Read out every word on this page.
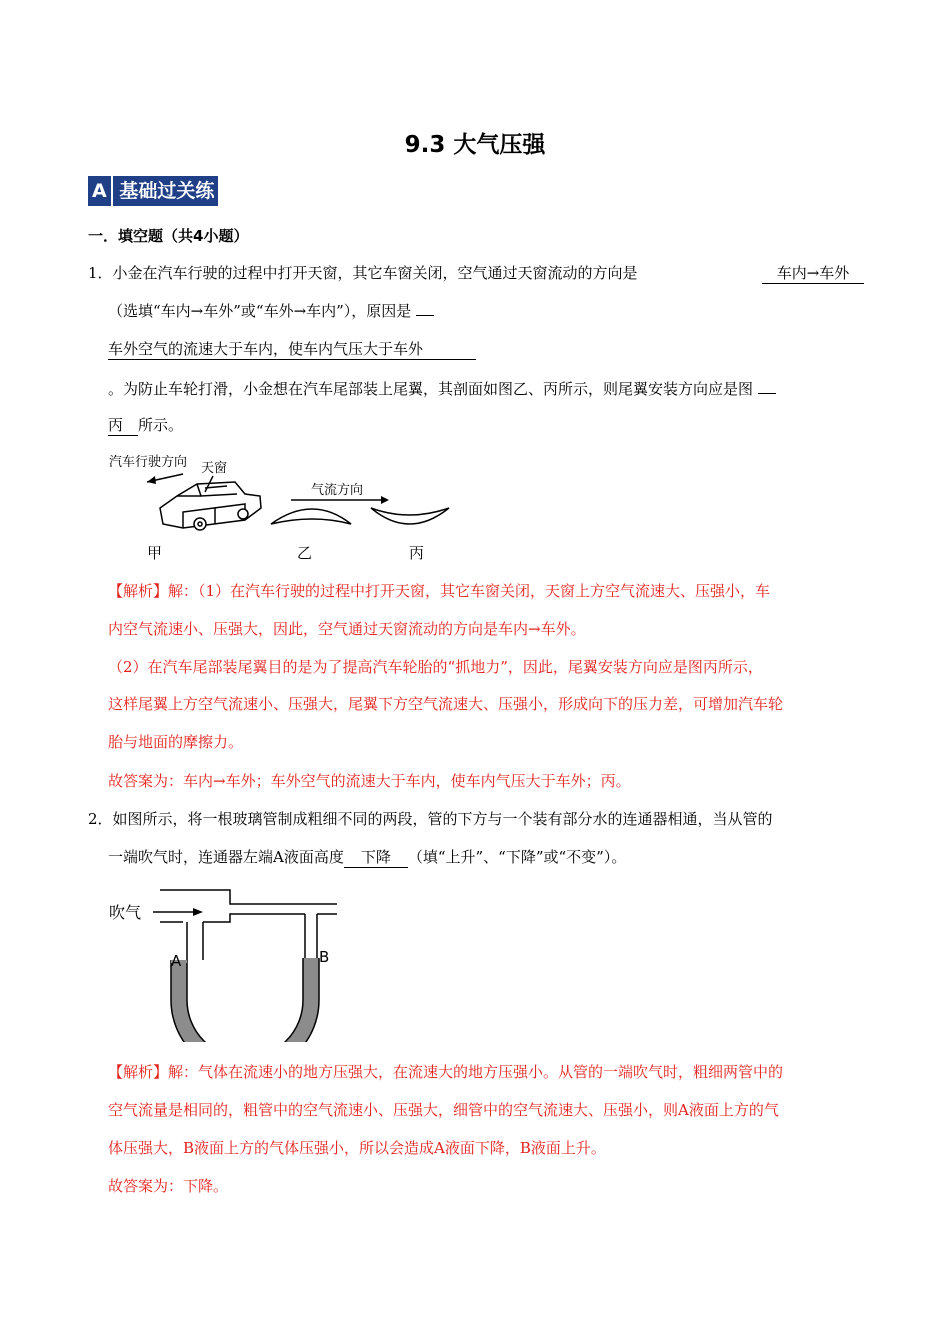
9.3 大气压强
A 基础过关练
一．填空题（共4小题）
1．小金在汽车行驶的过程中打开天窗，其它车窗关闭，空气通过天窗流动的方向是	车内→车外
（选填“车内→车外”或“车外→车内”），原因是
车外空气的流速大于车内，使车内气压大于车外
。为防止车轮打滑，小金想在汽车尾部装上尾翼，其剖面如图乙、丙所示，则尾翼安装方向应是图
丙 所示。
汽车行驶方向 天窗
气流方向
甲	乙	丙
【解析】解：（1）在汽车行驶的过程中打开天窗，其它车窗关闭，天窗上方空气流速大、压强小，车
内空气流速小、压强大，因此，空气通过天窗流动的方向是车内→车外。
（2）在汽车尾部装尾翼目的是为了提高汽车轮胎的“抓地力”，因此，尾翼安装方向应是图丙所示，
这样尾翼上方空气流速小、压强大，尾翼下方空气流速大、压强小，形成向下的压力差，可增加汽车轮
胎与地面的摩擦力。
故答案为：车内→车外；车外空气的流速大于车内，使车内气压大于车外；丙。
2．如图所示，将一根玻璃管制成粗细不同的两段，管的下方与一个装有部分水的连通器相通，当从管的
一端吹气时，连通器左端A液面高度 下降 （填“上升”、“下降”或“不变”）。
吹气
A	B
【解析】解：气体在流速小的地方压强大，在流速大的地方压强小。从管的一端吹气时，粗细两管中的
空气流量是相同的，粗管中的空气流速小、压强大，细管中的空气流速大、压强小，则A液面上方的气
体压强大，B液面上方的气体压强小，所以会造成A液面下降，B液面上升。
故答案为：下降。
